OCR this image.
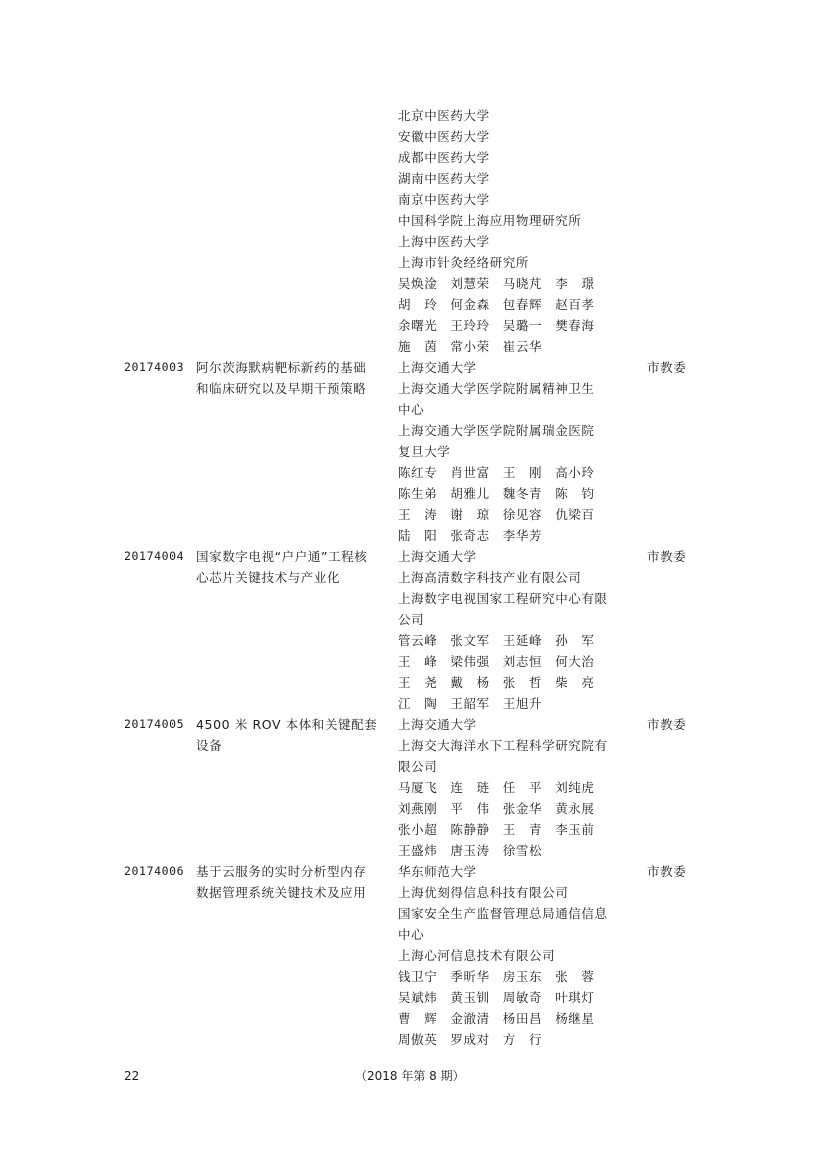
北京中医药大学
安徽中医药大学
成都中医药大学
湖南中医药大学
南京中医药大学
中国科学院上海应用物理研究所
上海中医药大学
上海市针灸经络研究所
吴焕淦　刘慧荣　马晓芃　李　璟
胡　玲　何金森　包春辉　赵百孝
余曙光　王玲玲　吴璐一　樊春海
施　茵　常小荣　崔云华
20174003 阿尔茨海默病靶标新药的基础
和临床研究以及早期干预策略
市教委
上海交通大学
上海交通大学医学院附属精神卫生
中心
上海交通大学医学院附属瑞金医院
复旦大学
陈红专　肖世富　王　刚　高小玲
陈生弟　胡雅儿　魏冬青　陈　钧
王　涛　谢　琼　徐见容　仇梁百
陆　阳　张奇志　李华芳
20174004 国家数字电视“户户通”工程核
心芯片关键技术与产业化
市教委
上海交通大学
上海高清数字科技产业有限公司
上海数字电视国家工程研究中心有限
公司
管云峰　张文军　王延峰　孙　军
王　峰　梁伟强　刘志恒　何大治
王　尧　戴　杨　张　哲　柴　亮
江　陶　王韶军　王旭升
20174005 4500 米 ROV 本体和关键配套
设备
市教委
上海交通大学
上海交大海洋水下工程科学研究院有
限公司
马厦飞　连　琏　任　平　刘纯虎
刘燕刚　平　伟　张金华　黄永展
张小超　陈静静　王　青　李玉前
王盛炜　唐玉涛　徐雪松
20174006 基于云服务的实时分析型内存
数据管理系统关键技术及应用
市教委
华东师范大学
上海优刻得信息科技有限公司
国家安全生产监督管理总局通信信息
中心
上海心河信息技术有限公司
钱卫宁　季昕华　房玉东　张　蓉
吴斌炜　黄玉钏　周敏奇　叶琪灯
曹　辉　金澈清　杨田昌　杨继星
周傲英　罗成对　方　行
22	（2018 年第 8 期）
